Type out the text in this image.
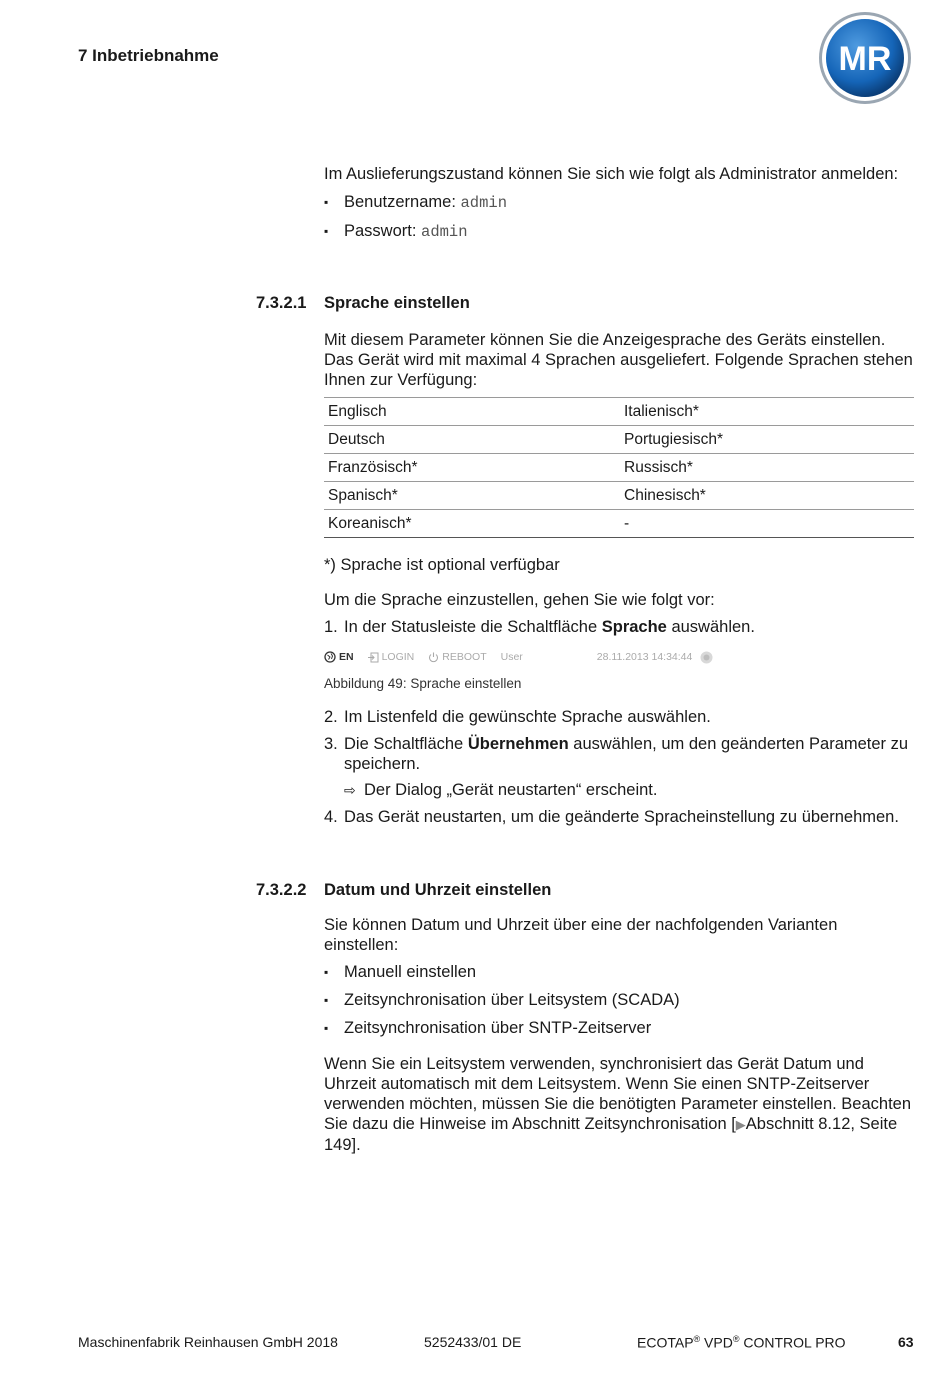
7 Inbetriebnahme	MR

Im Auslieferungszustand können Sie sich wie folgt als Administrator anmelden:

▪ Benutzername: admin
▪ Passwort: admin
7.3.2.1 Sprache einstellen
Mit diesem Parameter können Sie die Anzeigesprache des Geräts einstellen. Das Gerät wird mit maximal 4 Sprachen ausgeliefert. Folgende Sprachen stehen Ihnen zur Verfügung:
Englisch	Italienisch*
Deutsch	Portugiesisch*
Französisch*	Russisch*
Spanisch*	Chinesisch*
Koreanisch*	-
*) Sprache ist optional verfügbar

Um die Sprache einzustellen, gehen Sie wie folgt vor:

1. In der Statusleiste die Schaltfläche Sprache auswählen.
EN	LOGIN	REBOOT User	28.11.2013 14:34:44
Abbildung 49: Sprache einstellen
2. Im Listenfeld die gewünschte Sprache auswählen.
3. Die Schaltfläche Übernehmen auswählen, um den geänderten Parameter zu speichern.
⇨ Der Dialog „Gerät neustarten“ erscheint.
4. Das Gerät neustarten, um die geänderte Spracheinstellung zu übernehmen.
7.3.2.2 Datum und Uhrzeit einstellen

Sie können Datum und Uhrzeit über eine der nachfolgenden Varianten einstellen:

▪ Manuell einstellen
▪ Zeitsynchronisation über Leitsystem (SCADA)
▪ Zeitsynchronisation über SNTP-Zeitserver

Wenn Sie ein Leitsystem verwenden, synchronisiert das Gerät Datum und Uhrzeit automatisch mit dem Leitsystem. Wenn Sie einen SNTP-Zeitserver verwenden möchten, müssen Sie die benötigten Parameter einstellen. Beachten Sie dazu die Hinweise im Abschnitt Zeitsynchronisation [▶Abschnitt 8.12, Seite 149].

Maschinenfabrik Reinhausen GmbH 2018	5252433/01 DE	ECOTAP® VPD® CONTROL PRO	63
